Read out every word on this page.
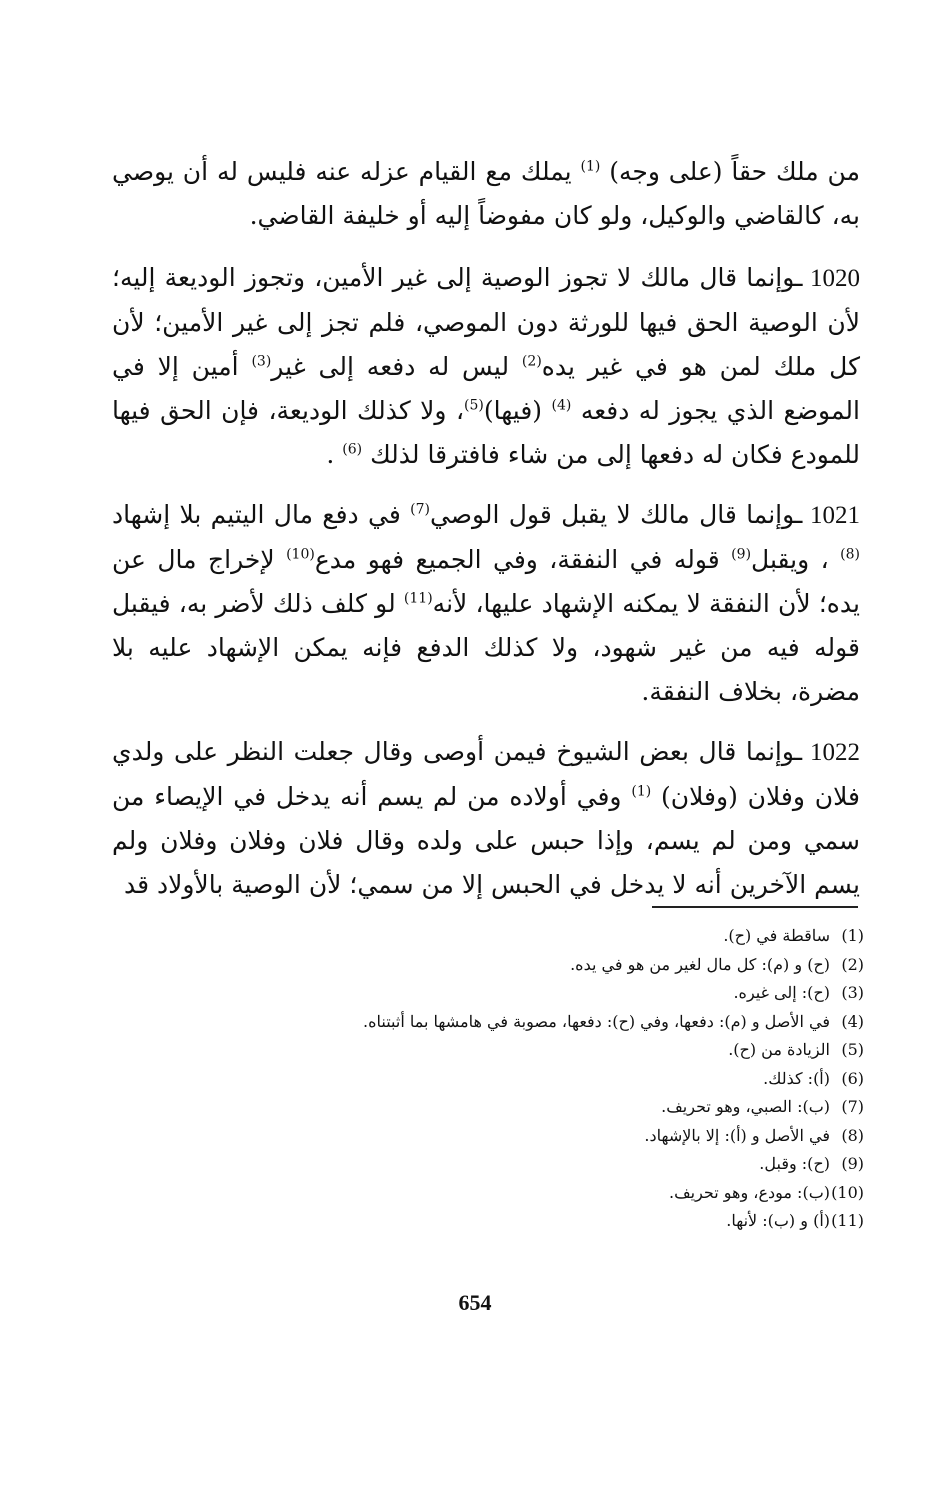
من ملك حقاً (على وجه) $^{(1)}$ يملك مع القيام عزله عنه فليس له أن يوصي به، كالقاضي والوكيل، ولو كان مفوضاً إليه أو خليفة القاضي.

1020 ـوإنما قال مالك لا تجوز الوصية إلى غير الأمين، وتجوز الوديعة إليه؛ لأن الوصية الحق فيها للورثة دون الموصي، فلم تجز إلى غير الأمين؛ لأن كل ملك لمن هو في غير يده$^{(2)}$ ليس له دفعه إلى غير$^{(3)}$ أمين إلا في الموضع الذي يجوز له دفعه $^{(4)}$ (فيها)$^{(5)}$، ولا كذلك الوديعة، فإن الحق فيها للمودع فكان له دفعها إلى من شاء فافترقا لذلك $^{(6)}$ .

1021 ـوإنما قال مالك لا يقبل قول الوصي$^{(7)}$ في دفع مال اليتيم بلا إشهاد $^{(8)}$ ، ويقبل$^{(9)}$ قوله في النفقة، وفي الجميع فهو مدع$^{(10)}$ لإخراج مال عن يده؛ لأن النفقة لا يمكنه الإشهاد عليها، لأنه$^{(11)}$ لو كلف ذلك لأضر به، فيقبل قوله فيه من غير شهود، ولا كذلك الدفع فإنه يمكن الإشهاد عليه بلا مضرة، بخلاف النفقة.

1022 ـوإنما قال بعض الشيوخ فيمن أوصى وقال جعلت النظر على ولدي فلان وفلان (وفلان) $^{(1)}$ وفي أولاده من لم يسم أنه يدخل في الإيصاء من سمي ومن لم يسم، وإذا حبس على ولده وقال فلان وفلان وفلان ولم يسم الآخرين أنه لا يدخل في الحبس إلا من سمي؛ لأن الوصية بالأولاد قد

(1)
ساقطة في (ح).
(2)
(ح) و (م): كل مال لغير من هو في يده.
(3)
(ح): إلى غيره.
(4)
في الأصل و (م): دفعها، وفي (ح): دفعها، مصوبة في هامشها بما أثبتناه.
(5)
الزيادة من (ح).
(6)
(أ): كذلك.
(7)
(ب): الصبي، وهو تحريف.
(8)
في الأصل و (أ): إلا بالإشهاد.
(9)
(ح): وقبل.
(10)
(ب): مودع، وهو تحريف.
(11)
(أ) و (ب): لأنها.
654
